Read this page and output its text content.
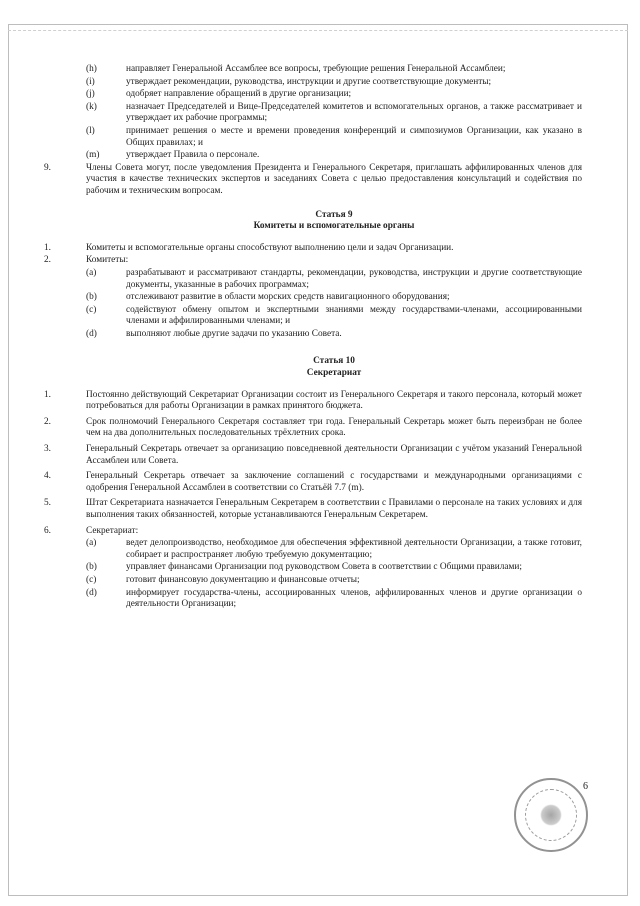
(h)	направляет Генеральной Ассамблее все вопросы, требующие решения Генеральной Ассамблеи;
(i)	утверждает рекомендации, руководства, инструкции и другие соответствующие документы;
(j)	одобряет направление обращений в другие организации;
(k)	назначает Председателей и Вице-Председателей комитетов и вспомогательных органов, а также рассматривает и утверждает их рабочие программы;
(l)	принимает решения о месте и времени проведения конференций и симпозиумов Организации, как указано в Общих правилах; и
(m)	утверждает Правила о персонале.
9.	Члены Совета могут, после уведомления Президента и Генерального Секретаря, приглашать аффилированных членов для участия в качестве технических экспертов и заседаниях Совета с целью предоставления консультаций и содействия по рабочим и техническим вопросам.
Статья 9
Комитеты и вспомогательные органы
1.	Комитеты и вспомогательные органы способствуют выполнению цели и задач Организации.
2.	Комитеты:
(a)	разрабатывают и рассматривают стандарты, рекомендации, руководства, инструкции и другие соответствующие документы, указанные в рабочих программах;
(b)	отслеживают развитие в области морских средств навигационного оборудования;
(c)	содействуют обмену опытом и экспертными знаниями между государствами-членами, ассоциированными членами и аффилированными членами; и
(d)	выполняют любые другие задачи по указанию Совета.
Статья 10
Секретариат
1.	Постоянно действующий Секретариат Организации состоит из Генерального Секретаря и такого персонала, который может потребоваться для работы Организации в рамках принятого бюджета.
2.	Срок полномочий Генерального Секретаря составляет три года. Генеральный Секретарь может быть переизбран не более чем на два дополнительных последовательных трёхлетних срока.
3.	Генеральный Секретарь отвечает за организацию повседневной деятельности Организации с учётом указаний Генеральной Ассамблеи или Совета.
4.	Генеральный Секретарь отвечает за заключение соглашений с государствами и международными организациями с одобрения Генеральной Ассамблеи в соответствии со Статьёй 7.7 (m).
5.	Штат Секретариата назначается Генеральным Секретарем в соответствии с Правилами о персонале на таких условиях и для выполнения таких обязанностей, которые устанавливаются Генеральным Секретарем.
6.	Секретариат:
(a)	ведет делопроизводство, необходимое для обеспечения эффективной деятельности Организации, а также готовит, собирает и распространяет любую требуемую документацию;
(b)	управляет финансами Организации под руководством Совета в соответствии с Общими правилами;
(c)	готовит финансовую документацию и финансовые отчеты;
(d)	информирует государства-члены, ассоциированных членов, аффилированных членов и другие организации о деятельности Организации;
6
